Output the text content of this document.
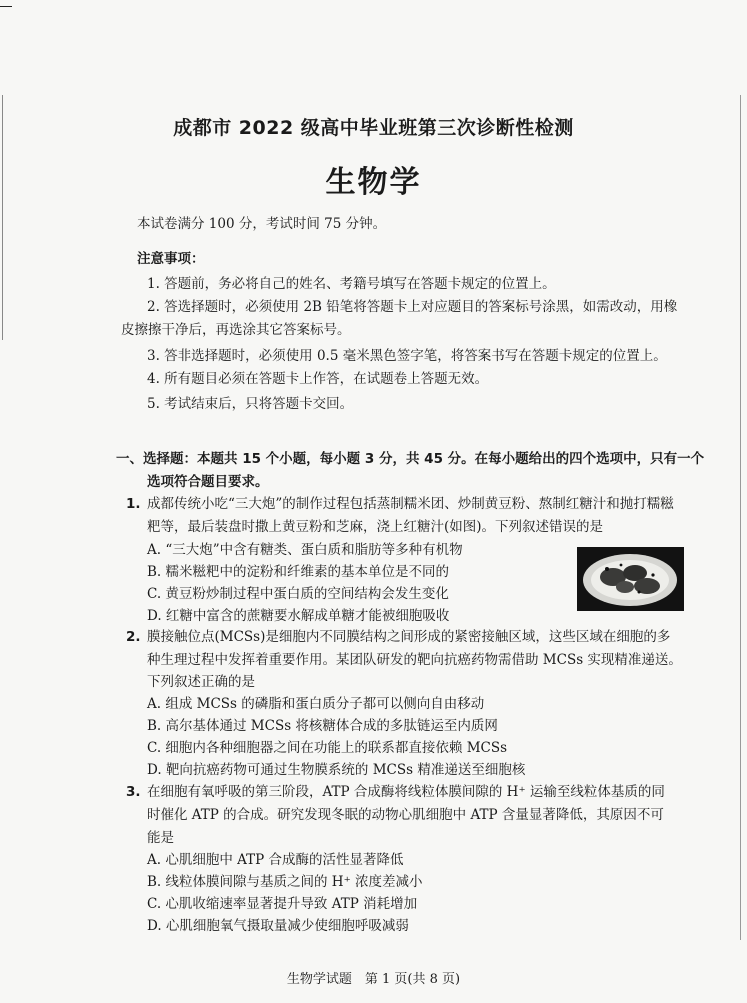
成都市 2022 级高中毕业班第三次诊断性检测
生物学
本试卷满分 100 分，考试时间 75 分钟。
注意事项：
1. 答题前，务必将自己的姓名、考籍号填写在答题卡规定的位置上。
2. 答选择题时，必须使用 2B 铅笔将答题卡上对应题目的答案标号涂黑，如需改动，用橡
皮擦擦干净后，再选涂其它答案标号。
3. 答非选择题时，必须使用 0.5 毫米黑色签字笔，将答案书写在答题卡规定的位置上。
4. 所有题目必须在答题卡上作答，在试题卷上答题无效。
5. 考试结束后，只将答题卡交回。
一、选择题：本题共 15 个小题，每小题 3 分，共 45 分。在每小题给出的四个选项中，只有一个
选项符合题目要求。
1. 成都传统小吃“三大炮”的制作过程包括蒸制糯米团、炒制黄豆粉、熬制红糖汁和抛打糯糍
粑等，最后装盘时撒上黄豆粉和芝麻，浇上红糖汁(如图)。下列叙述错误的是
A. “三大炮”中含有糖类、蛋白质和脂肪等多种有机物
B. 糯米糍粑中的淀粉和纤维素的基本单位是不同的
C. 黄豆粉炒制过程中蛋白质的空间结构会发生变化
D. 红糖中富含的蔗糖要水解成单糖才能被细胞吸收
2. 膜接触位点(MCSs)是细胞内不同膜结构之间形成的紧密接触区域，这些区域在细胞的多
种生理过程中发挥着重要作用。某团队研发的靶向抗癌药物需借助 MCSs 实现精准递送。
下列叙述正确的是
A. 组成 MCSs 的磷脂和蛋白质分子都可以侧向自由移动
B. 高尔基体通过 MCSs 将核糖体合成的多肽链运至内质网
C. 细胞内各种细胞器之间在功能上的联系都直接依赖 MCSs
D. 靶向抗癌药物可通过生物膜系统的 MCSs 精准递送至细胞核
3. 在细胞有氧呼吸的第三阶段，ATP 合成酶将线粒体膜间隙的 H⁺ 运输至线粒体基质的同
时催化 ATP 的合成。研究发现冬眠的动物心肌细胞中 ATP 含量显著降低，其原因不可
能是
A. 心肌细胞中 ATP 合成酶的活性显著降低
B. 线粒体膜间隙与基质之间的 H⁺ 浓度差减小
C. 心肌收缩速率显著提升导致 ATP 消耗增加
D. 心肌细胞氧气摄取量减少使细胞呼吸减弱
生物学试题　第 1 页(共 8 页)
